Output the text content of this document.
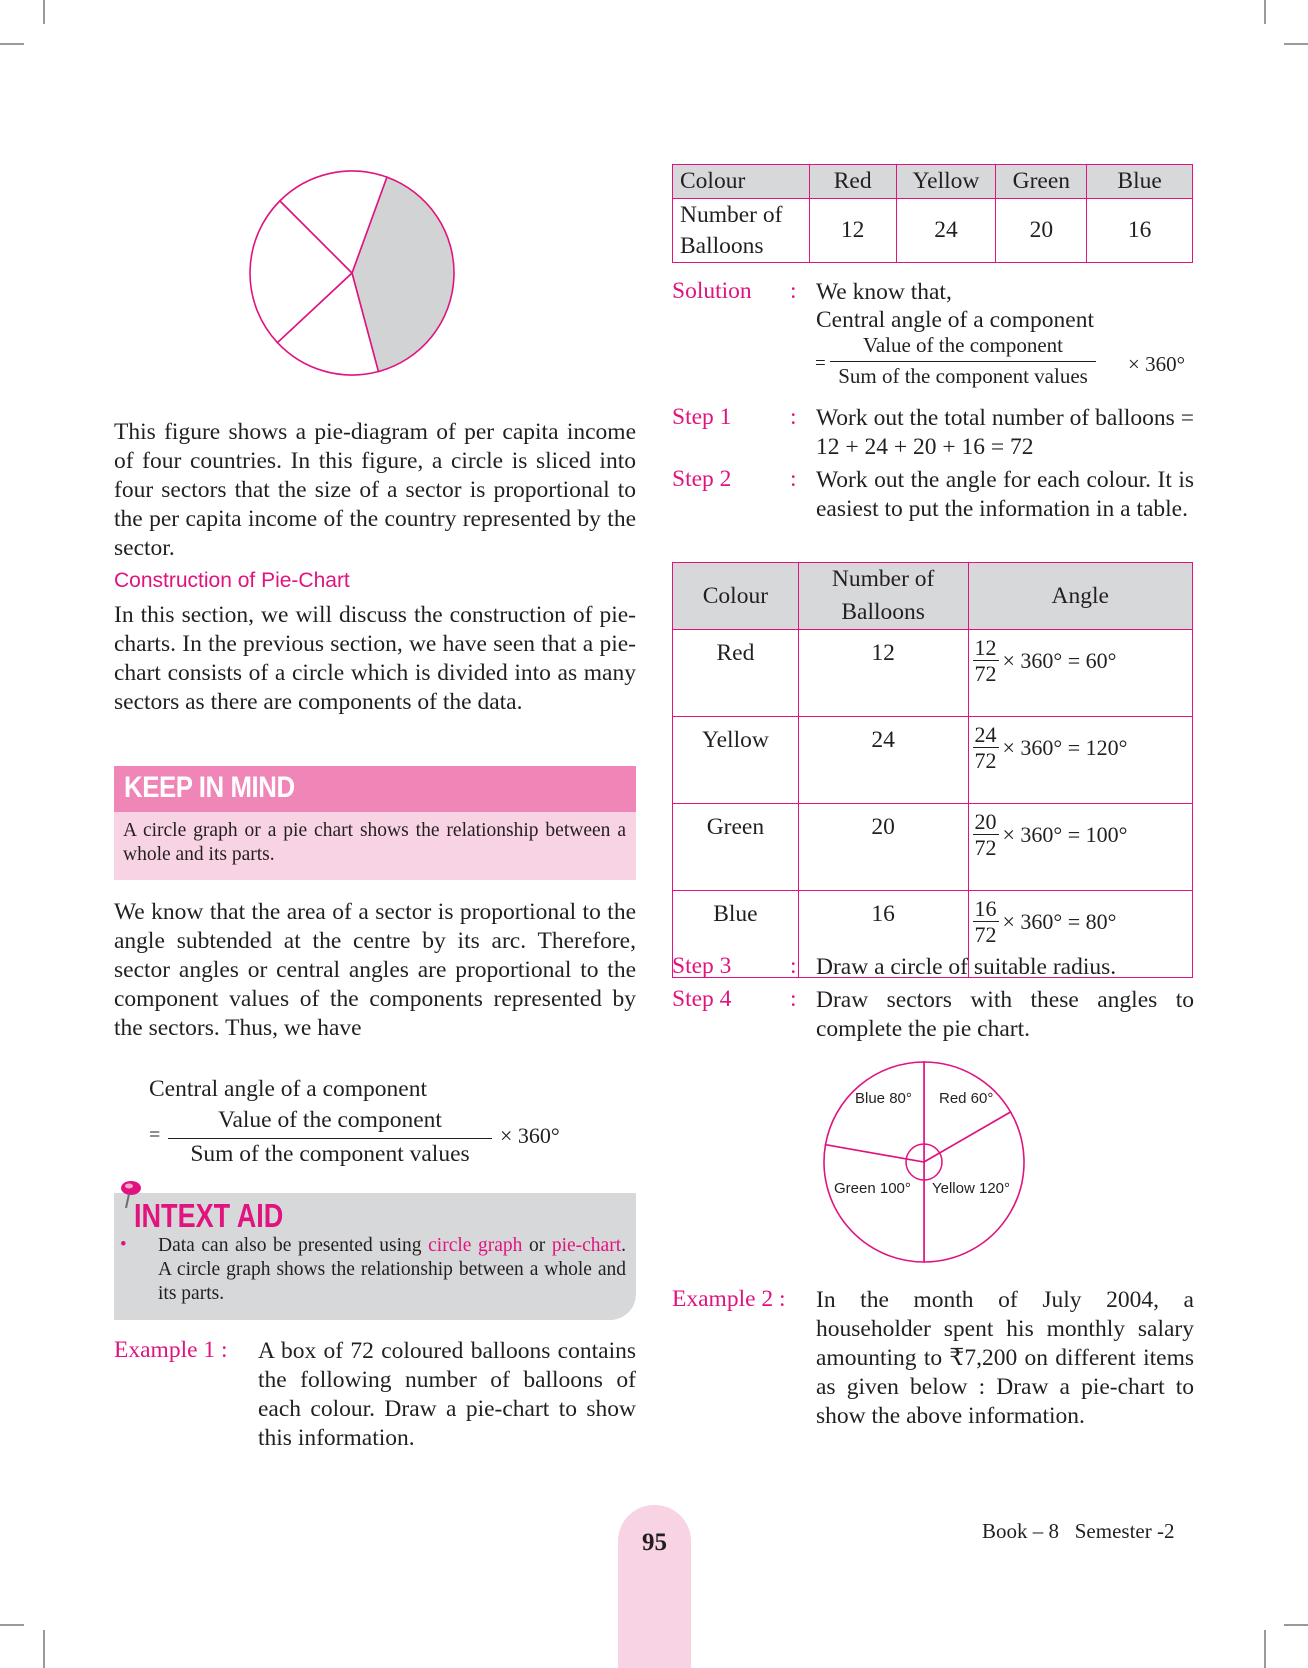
This figure shows a pie-diagram of per capita income of four countries. In this figure, a circle is sliced into four sectors that the size of a sector is proportional to the per capita income of the country represented by the sector.

Construction of Pie-Chart

In this section, we will discuss the construction of pie-charts. In the previous section, we have seen that a pie-chart consists of a circle which is divided into as many sectors as there are components of the data.

KEEP IN MIND

A circle graph or a pie chart shows the relationship between a whole and its parts.

We know that the area of a sector is proportional to the angle subtended at the centre by its arc. Therefore, sector angles or central angles are proportional to the component values of the components represented by the sectors. Thus, we have

Central angle of a component
=
Value of the component
Sum of the component values
× 360°
INTEXT AID
• Data can also be presented using circle graph or pie-chart. A circle graph shows the relationship between a whole and its parts.

Example 1 : A box of 72 coloured balloons contains the following number of balloons of each colour. Draw a pie-chart to show this information.

Colour	Red	Yellow	Green	Blue
Number of Balloons	12	24	20	16
Solution : We know that,
Central angle of a component
=
Value of the component
Sum of the component values	× 360°
Step 1 : Work out the total number of balloons = 12 + 24 + 20 + 16 = 72

Step 2 : Work out the angle for each colour. It is easiest to put the information in a table.

Colour	Number of Balloons	Angle
Red	12	$\frac{12}{72} \times 360^\circ = 60^\circ$
Yellow	24	$\frac{24}{72} \times 360^\circ = 120^\circ$
Green	20	$\frac{20}{72} \times 360^\circ = 100^\circ$
Blue	16	$\frac{16}{72} \times 360^\circ = 80^\circ$
Step 3 : Draw a circle of suitable radius.

Step 4 : Draw sectors with these angles to complete the pie chart.

Blue 80° Red 60°
Green 100° Yellow 120°
Example 2 : In the month of July 2004, a householder spent his monthly salary amounting to ₹7,200 on different items as given below : Draw a pie-chart to show the above information.

95	Book – 8   Semester -2
